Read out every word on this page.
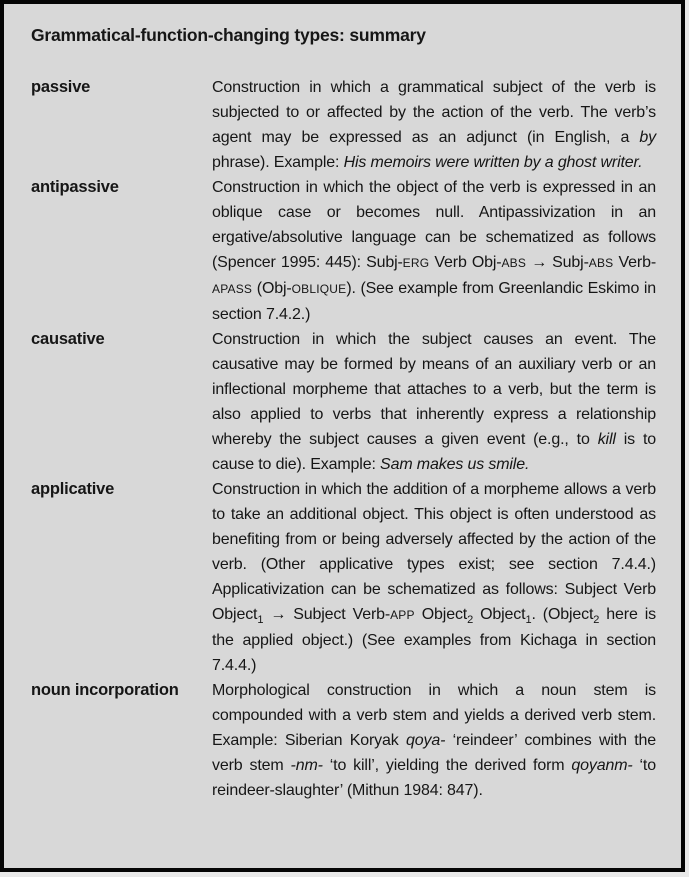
Grammatical-function-changing types: summary
passive	Construction in which a grammatical subject of the verb is subjected to or affected by the action of the verb. The verb’s agent may be expressed as an adjunct (in English, a by phrase). Example: His memoirs were written by a ghost writer.
antipassive	Construction in which the object of the verb is expressed in an oblique case or becomes null. Antipassivization in an ergative/absolutive language can be schematized as follows (Spencer 1995: 445): Subj-ERG Verb Obj-ABS → Subj-ABS Verb-APASS (Obj-OBLIQUE). (See example from Greenlandic Eskimo in section 7.4.2.)
causative	Construction in which the subject causes an event. The causative may be formed by means of an auxiliary verb or an inflectional morpheme that attaches to a verb, but the term is also applied to verbs that inherently express a relationship whereby the subject causes a given event (e.g., to kill is to cause to die). Example: Sam makes us smile.
applicative	Construction in which the addition of a morpheme allows a verb to take an additional object. This object is often understood as benefiting from or being adversely affected by the action of the verb. (Other applicative types exist; see section 7.4.4.) Applicativization can be schematized as follows: Subject Verb Object$_1$ → Subject Verb-APP Object$_2$ Object$_1$. (Object$_2$ here is the applied object.) (See examples from Kichaga in section 7.4.4.)
noun incorporation	Morphological construction in which a noun stem is compounded with a verb stem and yields a derived verb stem. Example: Siberian Koryak qoya- ‘reindeer’ combines with the verb stem -nm- ‘to kill’, yielding the derived form qoyanm- ‘to reindeer-slaughter’ (Mithun 1984: 847).
